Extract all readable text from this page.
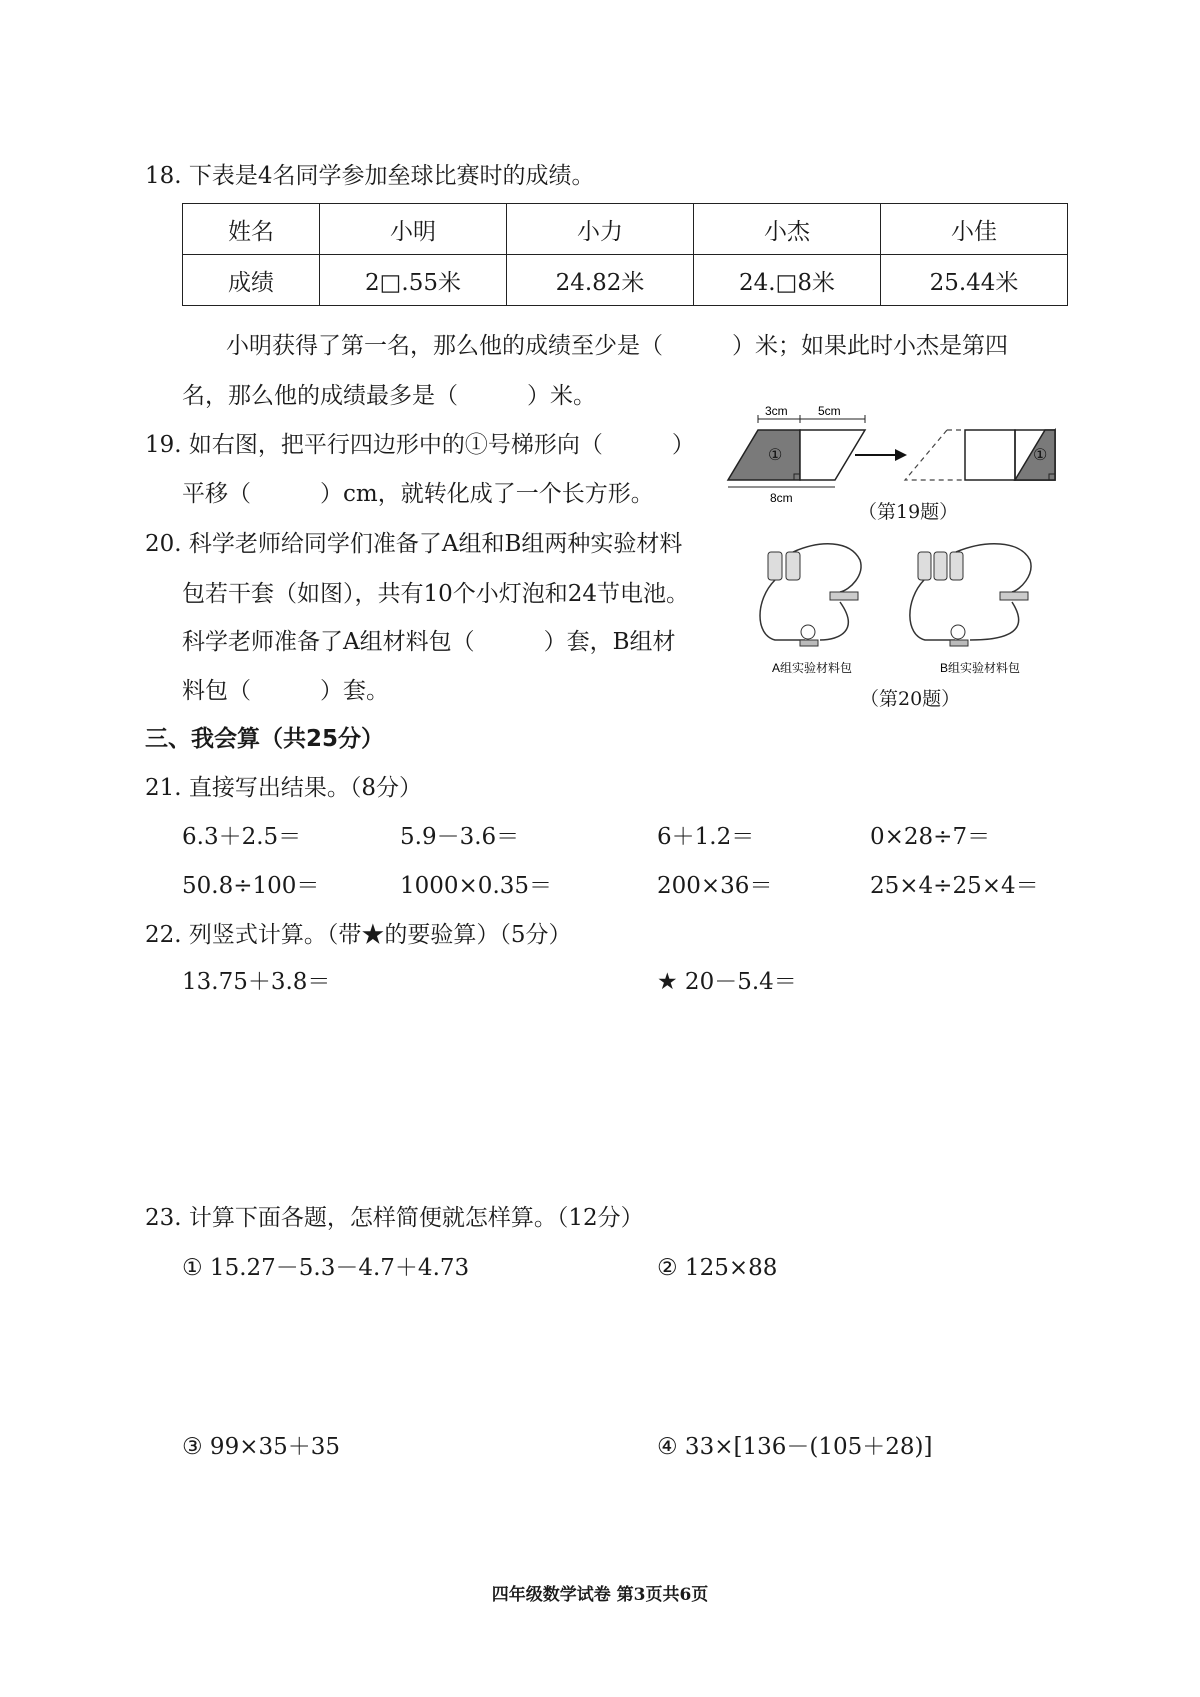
18. 下表是4名同学参加垒球比赛时的成绩。
姓名	小明	小力	小杰	小佳
成绩	2□.55米	24.82米	24.□8米	25.44米
小明获得了第一名，那么他的成绩至少是（　　　）米；如果此时小杰是第四
名，那么他的成绩最多是（　　　）米。
19. 如右图，把平行四边形中的①号梯形向（　　　）
平移（　　　）cm，就转化成了一个长方形。
3cm	5cm
①
8cm
①
（第19题）
20. 科学老师给同学们准备了A组和B组两种实验材料
包若干套（如图），共有10个小灯泡和24节电池。
科学老师准备了A组材料包（　　　）套，B组材
料包（　　　）套。
A组实验材料包	B组实验材料包
（第20题）
三、我会算（共25分）
21. 直接写出结果。（8分）
6.3＋2.5＝	5.9－3.6＝	6＋1.2＝	0×28÷7＝
50.8÷100＝	1000×0.35＝	200×36＝	25×4÷25×4＝
22. 列竖式计算。（带★的要验算）（5分）
13.75＋3.8＝	★ 20－5.4＝
23. 计算下面各题，怎样简便就怎样算。（12分）
① 15.27－5.3－4.7＋4.73	② 125×88
③ 99×35＋35	④ 33×[136－(105＋28)]
四年级数学试卷 第3页共6页
